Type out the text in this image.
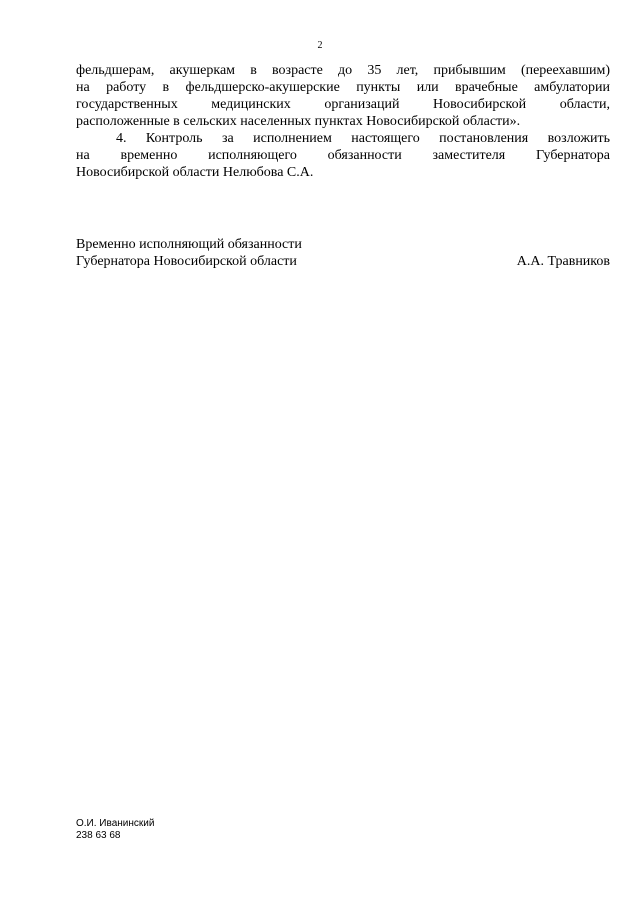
2
фельдшерам, акушеркам в возрасте до 35 лет, прибывшим (переехавшим)
на работу в фельдшерско-акушерские пункты или врачебные амбулатории
государственных медицинских организаций Новосибирской области,
расположенные в сельских населенных пунктах Новосибирской области».
4. Контроль за исполнением настоящего постановления возложить
на временно исполняющего обязанности заместителя Губернатора
Новосибирской области Нелюбова С.А.
Временно исполняющий обязанности
Губернатора Новосибирской области	А.А. Травников
О.И. Иванинский
238 63 68
